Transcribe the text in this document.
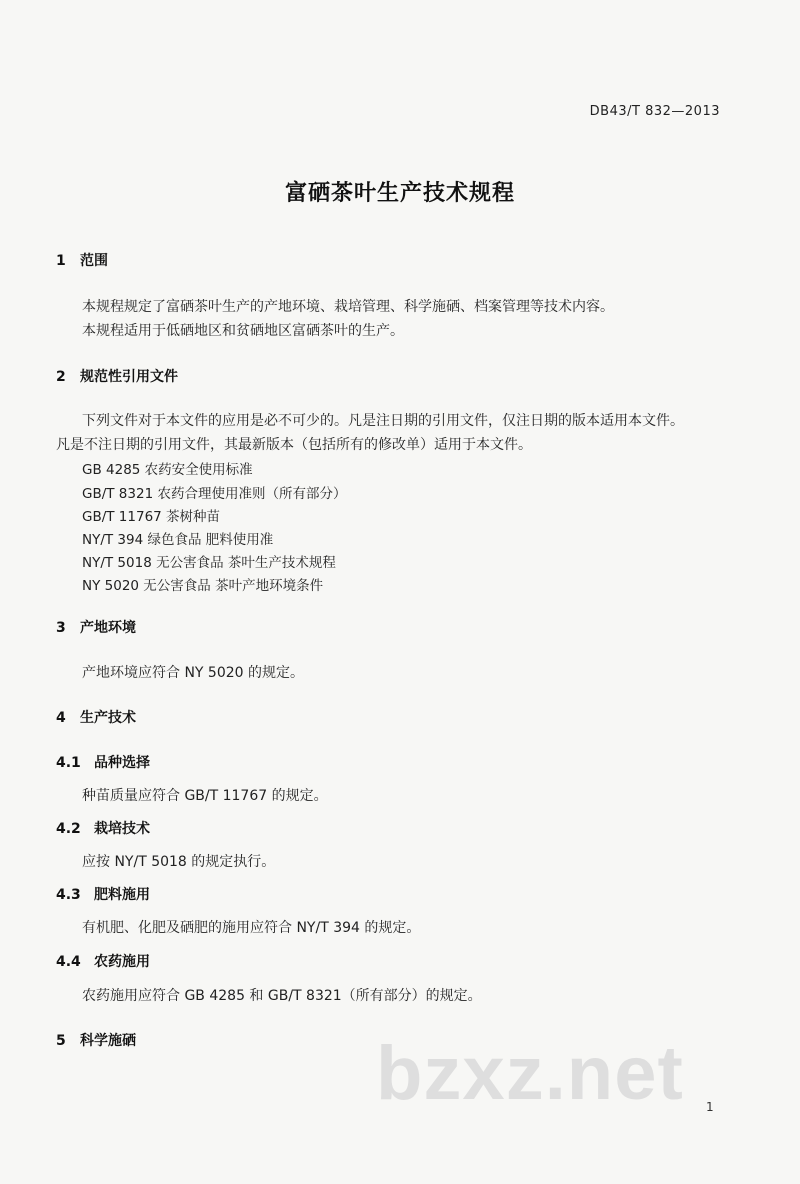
DB43/T 832—2013
富硒茶叶生产技术规程
1 范围
本规程规定了富硒茶叶生产的产地环境、栽培管理、科学施硒、档案管理等技术内容。
本规程适用于低硒地区和贫硒地区富硒茶叶的生产。
2 规范性引用文件
下列文件对于本文件的应用是必不可少的。凡是注日期的引用文件，仅注日期的版本适用本文件。
凡是不注日期的引用文件，其最新版本（包括所有的修改单）适用于本文件。
GB 4285 农药安全使用标准
GB/T 8321 农药合理使用准则（所有部分）
GB/T 11767 茶树种苗
NY/T 394 绿色食品 肥料使用准
NY/T 5018 无公害食品 茶叶生产技术规程
NY 5020 无公害食品 茶叶产地环境条件
3 产地环境
产地环境应符合 NY 5020 的规定。
4 生产技术
4.1 品种选择
种苗质量应符合 GB/T 11767 的规定。
4.2 栽培技术
应按 NY/T 5018 的规定执行。
4.3 肥料施用
有机肥、化肥及硒肥的施用应符合 NY/T 394 的规定。
4.4 农药施用
农药施用应符合 GB 4285 和 GB/T 8321（所有部分）的规定。
5 科学施硒	bzxz.net 1
